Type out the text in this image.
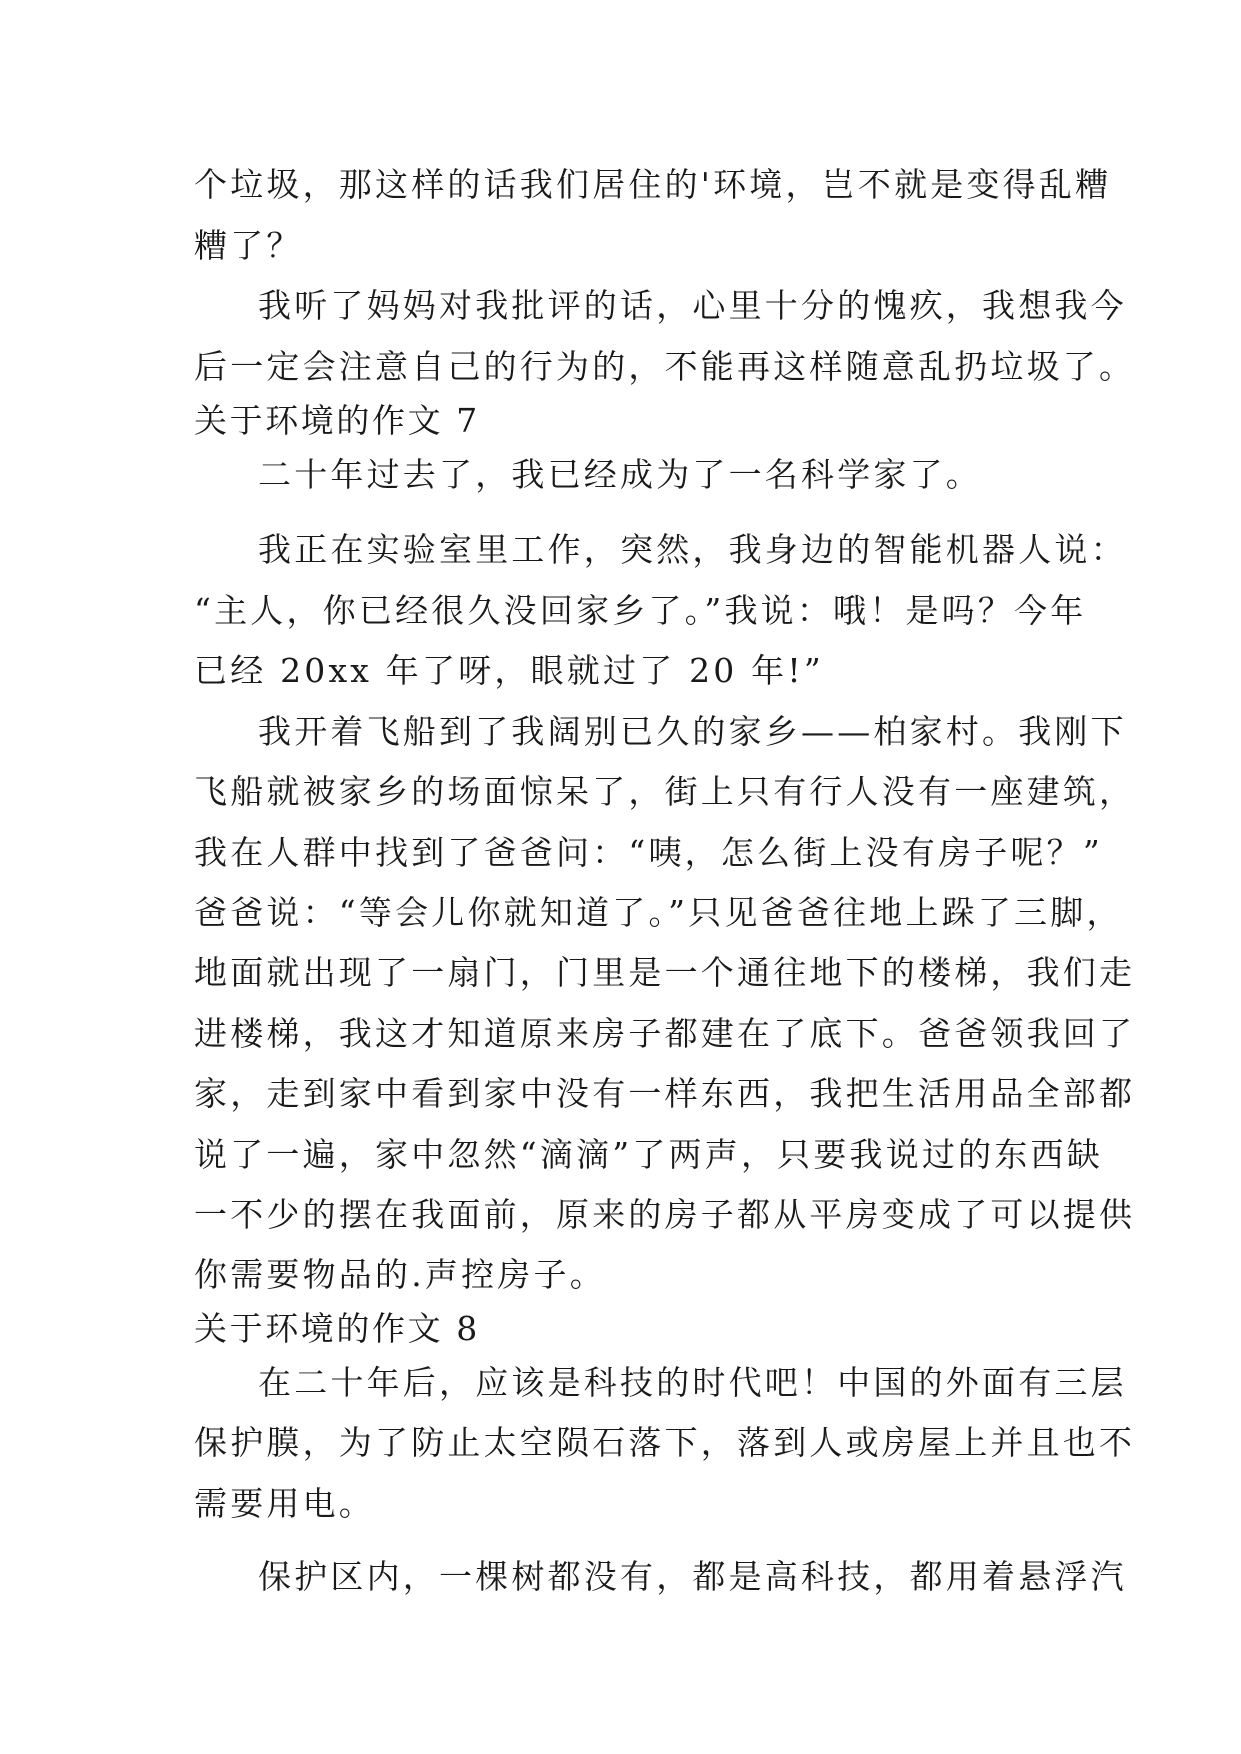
个垃圾，那这样的话我们居住的'环境，岂不就是变得乱糟

糟了？

我听了妈妈对我批评的话，心里十分的愧疚，我想我今

后一定会注意自己的行为的，不能再这样随意乱扔垃圾了。

关于环境的作文 7

二十年过去了，我已经成为了一名科学家了。

我正在实验室里工作，突然，我身边的智能机器人说：

“主人，你已经很久没回家乡了。”我说：哦！是吗？今年

已经 20xx 年了呀，眼就过了 20 年!”

我开着飞船到了我阔别已久的家乡——柏家村。我刚下

飞船就被家乡的场面惊呆了，街上只有行人没有一座建筑，

我在人群中找到了爸爸问：“咦，怎么街上没有房子呢？”

爸爸说：“等会儿你就知道了。”只见爸爸往地上跺了三脚，

地面就出现了一扇门，门里是一个通往地下的楼梯，我们走

进楼梯，我这才知道原来房子都建在了底下。爸爸领我回了

家，走到家中看到家中没有一样东西，我把生活用品全部都

说了一遍，家中忽然“滴滴”了两声，只要我说过的东西缺

一不少的摆在我面前，原来的房子都从平房变成了可以提供

你需要物品的.声控房子。

关于环境的作文 8

在二十年后，应该是科技的时代吧！中国的外面有三层

保护膜，为了防止太空陨石落下，落到人或房屋上并且也不

需要用电。

保护区内，一棵树都没有，都是高科技，都用着悬浮汽
